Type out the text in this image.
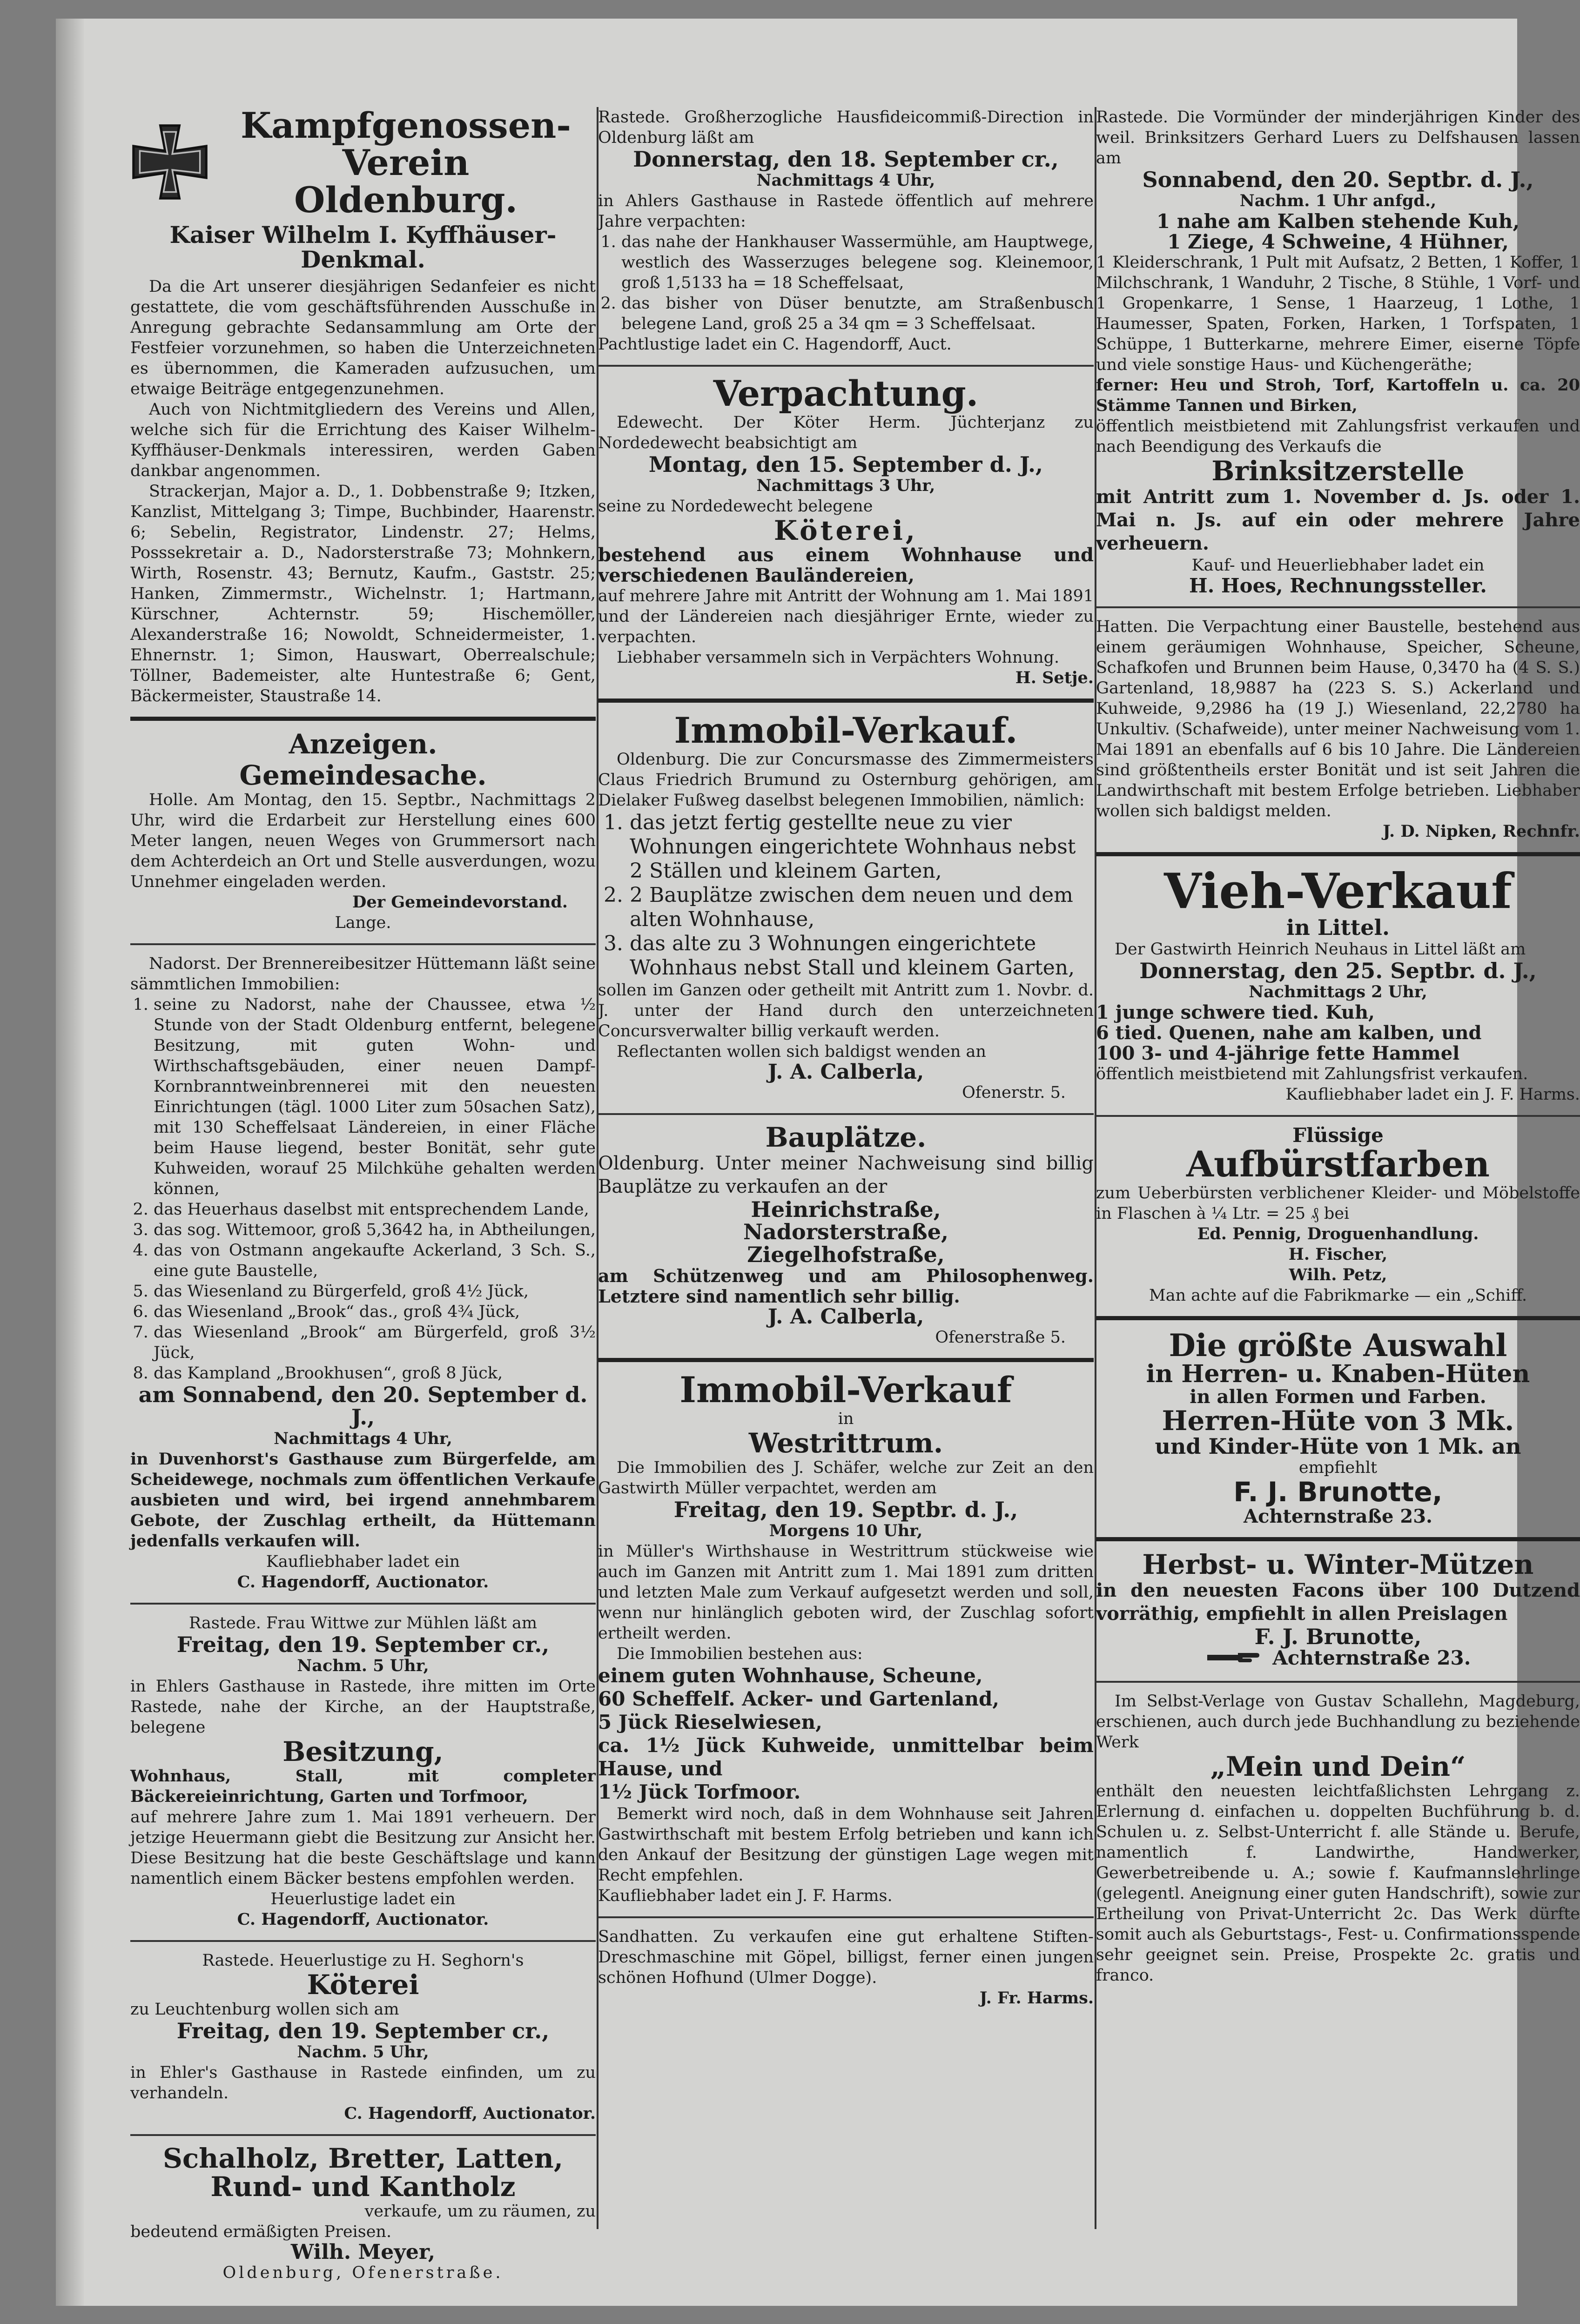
Kampfgenossen-Verein
Oldenburg.
Kaiser Wilhelm I. Kyffhäuser-Denkmal.
Da die Art unserer diesjährigen Sedanfeier es nicht gestattete, die vom geschäftsführenden Ausschuße in Anregung gebrachte Sedansammlung am Orte der Festfeier vorzunehmen, so haben die Unterzeichneten es übernommen, die Kameraden aufzusuchen, um etwaige Beiträge entgegenzunehmen.
Auch von Nichtmitgliedern des Vereins und Allen, welche sich für die Errichtung des Kaiser Wilhelm-Kyffhäuser-Denkmals interessiren, werden Gaben dankbar angenommen.
Strackerjan, Major a. D., 1. Dobbenstraße 9; Itzken, Kanzlist, Mittelgang 3; Timpe, Buchbinder, Haarenstr. 6; Sebelin, Registrator, Lindenstr. 27; Helms, Posssekretair a. D., Nadorsterstraße 73; Mohnkern, Wirth, Rosenstr. 43; Bernutz, Kaufm., Gaststr. 25; Hanken, Zimmermstr., Wichelnstr. 1; Hartmann, Kürschner, Achternstr. 59; Hischemöller, Alexanderstraße 16; Nowoldt, Schneidermeister, 1. Ehnernstr. 1; Simon, Hauswart, Oberrealschule; Töllner, Bademeister, alte Huntestraße 6; Gent, Bäckermeister, Staustraße 14.
Anzeigen.
Gemeindesache.
Holle. Am Montag, den 15. Septbr., Nachmittags 2 Uhr, wird die Erdarbeit zur Herstellung eines 600 Meter langen, neuen Weges von Grummersort nach dem Achterdeich an Ort und Stelle ausverdungen, wozu Unnehmer eingeladen werden.
Der Gemeindevorstand.
Lange.
Nadorst. Der Brennereibesitzer Hüttemann läßt seine sämmtlichen Immobilien:
1. seine zu Nadorst, nahe der Chaussee, etwa ½ Stunde von der Stadt Oldenburg entfernt, belegene Besitzung, mit guten Wohn- und Wirthschaftsgebäuden, einer neuen Dampf-Kornbranntweinbrennerei mit den neuesten Einrichtungen (tägl. 1000 Liter zum 50sachen Satz), mit 130 Scheffelsaat Ländereien, in einer Fläche beim Hause liegend, bester Bonität, sehr gute Kuhweiden, worauf 25 Milchkühe gehalten werden können,
2. das Heuerhaus daselbst mit entsprechendem Lande,
3. das sog. Wittemoor, groß 5,3642 ha, in Abtheilungen,
4. das von Ostmann angekaufte Ackerland, 3 Sch. S., eine gute Baustelle,
5. das Wiesenland zu Bürgerfeld, groß 4½ Jück,
6. das Wiesenland „Brook“ das., groß 4¾ Jück,
7. das Wiesenland „Brook“ am Bürgerfeld, groß 3½ Jück,
8. das Kampland „Brookhusen“, groß 8 Jück,
am Sonnabend, den 20. September d. J.,
Nachmittags 4 Uhr,
in Duvenhorst's Gasthause zum Bürgerfelde, am Scheidewege, nochmals zum öffentlichen Verkaufe ausbieten und wird, bei irgend annehmbarem Gebote, der Zuschlag ertheilt, da Hüttemann jedenfalls verkaufen will.
Kaufliebhaber ladet ein
C. Hagendorff, Auctionator.
Rastede. Frau Wittwe zur Mühlen läßt am
Freitag, den 19. September cr.,
Nachm. 5 Uhr,
in Ehlers Gasthause in Rastede, ihre mitten im Orte Rastede, nahe der Kirche, an der Hauptstraße, belegene
Besitzung,
Wohnhaus, Stall, mit completer Bäckereieinrichtung, Garten und Torfmoor,
auf mehrere Jahre zum 1. Mai 1891 verheuern. Der jetzige Heuermann giebt die Besitzung zur Ansicht her. Diese Besitzung hat die beste Geschäftslage und kann namentlich einem Bäcker bestens empfohlen werden.
Heuerlustige ladet ein
C. Hagendorff, Auctionator.
Rastede. Heuerlustige zu H. Seghorn's
Köterei
zu Leuchtenburg wollen sich am
Freitag, den 19. September cr.,
Nachm. 5 Uhr,
in Ehler's Gasthause in Rastede einfinden, um zu verhandeln.
C. Hagendorff, Auctionator.
Schalholz, Bretter, Latten,
Rund- und Kantholz
verkaufe, um zu räumen, zu
bedeutend ermäßigten Preisen.
Wilh. Meyer,
Oldenburg, Ofenerstraße.
Rastede. Großherzogliche Hausfideicommiß-Direction in Oldenburg läßt am
Donnerstag, den 18. September cr.,
Nachmittags 4 Uhr,
in Ahlers Gasthause in Rastede öffentlich auf mehrere Jahre verpachten:
1. das nahe der Hankhauser Wassermühle, am Hauptwege, westlich des Wasserzuges belegene sog. Kleinemoor, groß 1,5133 ha = 18 Scheffelsaat,
2. das bisher von Düser benutzte, am Straßenbusch belegene Land, groß 25 a 34 qm = 3 Scheffelsaat.
Pachtlustige ladet ein C. Hagendorff, Auct.
Verpachtung.
Edewecht. Der Köter Herm. Jüchterjanz zu Nordedewecht beabsichtigt am
Montag, den 15. September d. J.,
Nachmittags 3 Uhr,
seine zu Nordedewecht belegene
Köterei,
bestehend aus einem Wohnhause und verschiedenen Bauländereien,
auf mehrere Jahre mit Antritt der Wohnung am 1. Mai 1891 und der Ländereien nach diesjähriger Ernte, wieder zu verpachten.
Liebhaber versammeln sich in Verpächters Wohnung.
H. Setje.
Immobil-Verkauf.
Oldenburg. Die zur Concursmasse des Zimmermeisters Claus Friedrich Brumund zu Osternburg gehörigen, am Dielaker Fußweg daselbst belegenen Immobilien, nämlich:
1. das jetzt fertig gestellte neue zu vier Wohnungen eingerichtete Wohnhaus nebst 2 Ställen und kleinem Garten,
2. 2 Bauplätze zwischen dem neuen und dem alten Wohnhause,
3. das alte zu 3 Wohnungen eingerichtete Wohnhaus nebst Stall und kleinem Garten,
sollen im Ganzen oder getheilt mit Antritt zum 1. Novbr. d. J. unter der Hand durch den unterzeichneten Concursverwalter billig verkauft werden.
Reflectanten wollen sich baldigst wenden an
J. A. Calberla,
Ofenerstr. 5.
Bauplätze.
Oldenburg. Unter meiner Nachweisung sind billig Bauplätze zu verkaufen an der
Heinrichstraße,
Nadorsterstraße,
Ziegelhofstraße,
am Schützenweg und am Philosophenweg. Letztere sind namentlich sehr billig.
J. A. Calberla,
Ofenerstraße 5.
Immobil-Verkauf
in
Westrittrum.
Die Immobilien des J. Schäfer, welche zur Zeit an den Gastwirth Müller verpachtet, werden am
Freitag, den 19. Septbr. d. J.,
Morgens 10 Uhr,
in Müller's Wirthshause in Westrittrum stückweise wie auch im Ganzen mit Antritt zum 1. Mai 1891 zum dritten und letzten Male zum Verkauf aufgesetzt werden und soll, wenn nur hinlänglich geboten wird, der Zuschlag sofort ertheilt werden.
Die Immobilien bestehen aus:
einem guten Wohnhause, Scheune,
60 Scheffelf. Acker- und Gartenland,
5 Jück Rieselwiesen,
ca. 1½ Jück Kuhweide, unmittelbar beim Hause, und
1½ Jück Torfmoor.
Bemerkt wird noch, daß in dem Wohnhause seit Jahren Gastwirthschaft mit bestem Erfolg betrieben und kann ich den Ankauf der Besitzung der günstigen Lage wegen mit Recht empfehlen.
Kaufliebhaber ladet ein J. F. Harms.
Sandhatten. Zu verkaufen eine gut erhaltene Stiften-Dreschmaschine mit Göpel, billigst, ferner einen jungen schönen Hofhund (Ulmer Dogge).
J. Fr. Harms.
Rastede. Die Vormünder der minderjährigen Kinder des weil. Brinksitzers Gerhard Luers zu Delfshausen lassen am
Sonnabend, den 20. Septbr. d. J.,
Nachm. 1 Uhr anfgd.,
1 nahe am Kalben stehende Kuh,
1 Ziege, 4 Schweine, 4 Hühner,
1 Kleiderschrank, 1 Pult mit Aufsatz, 2 Betten, 1 Koffer, 1 Milchschrank, 1 Wanduhr, 2 Tische, 8 Stühle, 1 Vorf- und 1 Gropenkarre, 1 Sense, 1 Haarzeug, 1 Lothe, 1 Haumesser, Spaten, Forken, Harken, 1 Torfspaten, 1 Schüppe, 1 Butterkarne, mehrere Eimer, eiserne Töpfe und viele sonstige Haus- und Küchengeräthe;
ferner: Heu und Stroh, Torf, Kartoffeln u. ca. 20 Stämme Tannen und Birken,
öffentlich meistbietend mit Zahlungsfrist verkaufen und nach Beendigung des Verkaufs die
Brinksitzerstelle
mit Antritt zum 1. November d. Js. oder 1. Mai n. Js. auf ein oder mehrere Jahre verheuern.
Kauf- und Heuerliebhaber ladet ein
H. Hoes, Rechnungssteller.
Hatten. Die Verpachtung einer Baustelle, bestehend aus einem geräumigen Wohnhause, Speicher, Scheune, Schafkofen und Brunnen beim Hause, 0,3470 ha (4 S. S.) Gartenland, 18,9887 ha (223 S. S.) Ackerland und Kuhweide, 9,2986 ha (19 J.) Wiesenland, 22,2780 ha Unkultiv. (Schafweide), unter meiner Nachweisung vom 1. Mai 1891 an ebenfalls auf 6 bis 10 Jahre. Die Ländereien sind größtentheils erster Bonität und ist seit Jahren die Landwirthschaft mit bestem Erfolge betrieben. Liebhaber wollen sich baldigst melden.
J. D. Nipken, Rechnfr.
Vieh-Verkauf
in Littel.
Der Gastwirth Heinrich Neuhaus in Littel läßt am
Donnerstag, den 25. Septbr. d. J.,
Nachmittags 2 Uhr,
1 junge schwere tied. Kuh,
6 tied. Quenen, nahe am kalben, und
100 3- und 4-jährige fette Hammel
öffentlich meistbietend mit Zahlungsfrist verkaufen.
Kaufliebhaber ladet ein J. F. Harms.
Flüssige
Aufbürstfarben
zum Ueberbürsten verblichener Kleider- und Möbelstoffe in Flaschen à ¼ Ltr. = 25 ₰ bei
Ed. Pennig, Droguenhandlung.
H. Fischer,
Wilh. Petz,
Man achte auf die Fabrikmarke — ein „Schiff.
Die größte Auswahl
in Herren- u. Knaben-Hüten
in allen Formen und Farben.
Herren-Hüte von 3 Mk.
und Kinder-Hüte von 1 Mk. an
empfiehlt
F. J. Brunotte,
Achternstraße 23.
Herbst- u. Winter-Mützen
in den neuesten Facons über 100 Dutzend vorräthig, empfiehlt in allen Preislagen
F. J. Brunotte,
Achternstraße 23.
Im Selbst-Verlage von Gustav Schallehn, Magdeburg, erschienen, auch durch jede Buchhandlung zu beziehende Werk
„Mein und Dein“
enthält den neuesten leichtfaßlichsten Lehrgang z. Erlernung d. einfachen u. doppelten Buchführung b. d. Schulen u. z. Selbst-Unterricht f. alle Stände u. Berufe, namentlich f. Landwirthe, Handwerker, Gewerbetreibende u. A.; sowie f. Kaufmannslehrlinge (gelegentl. Aneignung einer guten Handschrift), sowie zur Ertheilung von Privat-Unterricht 2c. Das Werk dürfte somit auch als Geburtstags-, Fest- u. Confirmationsspende sehr geeignet sein. Preise, Prospekte 2c. gratis und franco.
